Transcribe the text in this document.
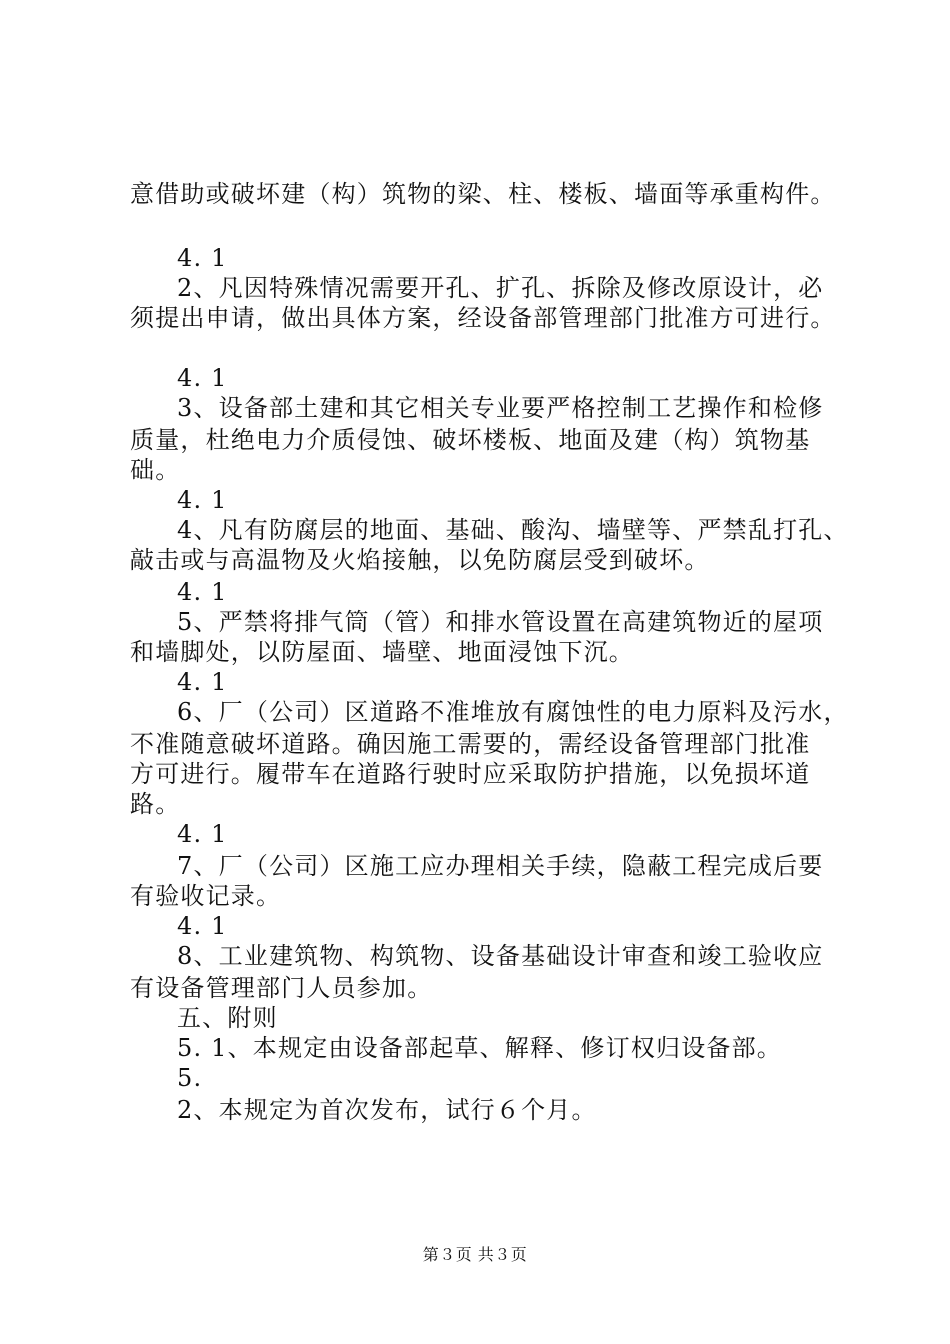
意借助或破坏建（构）筑物的梁、柱、楼板、墙面等承重构件。
4. 1
2、凡因特殊情况需要开孔、扩孔、拆除及修改原设计，必
须提出申请，做出具体方案，经设备部管理部门批准方可进行。
4. 1
3、设备部土建和其它相关专业要严格控制工艺操作和检修
质量，杜绝电力介质侵蚀、破坏楼板、地面及建（构）筑物基
础。
4. 1
4、凡有防腐层的地面、基础、酸沟、墙壁等、严禁乱打孔、
敲击或与高温物及火焰接触，以免防腐层受到破坏。
4. 1
5、严禁将排气筒（管）和排水管设置在高建筑物近的屋项
和墙脚处，以防屋面、墙壁、地面浸蚀下沉。
4. 1
6、厂（公司）区道路不准堆放有腐蚀性的电力原料及污水，
不准随意破坏道路。确因施工需要的，需经设备管理部门批准
方可进行。履带车在道路行驶时应采取防护措施，以免损坏道
路。
4. 1
7、厂（公司）区施工应办理相关手续，隐蔽工程完成后要
有验收记录。
4. 1
8、工业建筑物、构筑物、设备基础设计审查和竣工验收应
有设备管理部门人员参加。
五、附则
5. 1、本规定由设备部起草、解释、修订权归设备部。
5.
2、本规定为首次发布，试行６个月。
第３页 共３页
